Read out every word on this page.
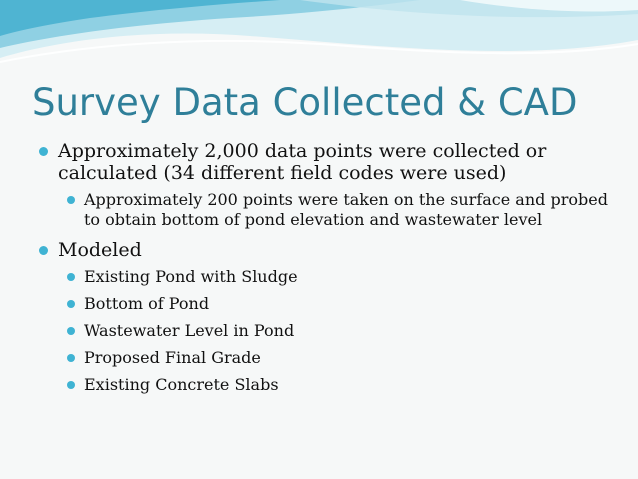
Survey Data Collected & CAD
Approximately 2,000 data points were collected or calculated (34 different field codes were used)
Approximately 200 points were taken on the surface and probed to obtain bottom of pond elevation and wastewater level
Modeled
Existing Pond with Sludge
Bottom of Pond
Wastewater Level in Pond
Proposed Final Grade
Existing Concrete Slabs
